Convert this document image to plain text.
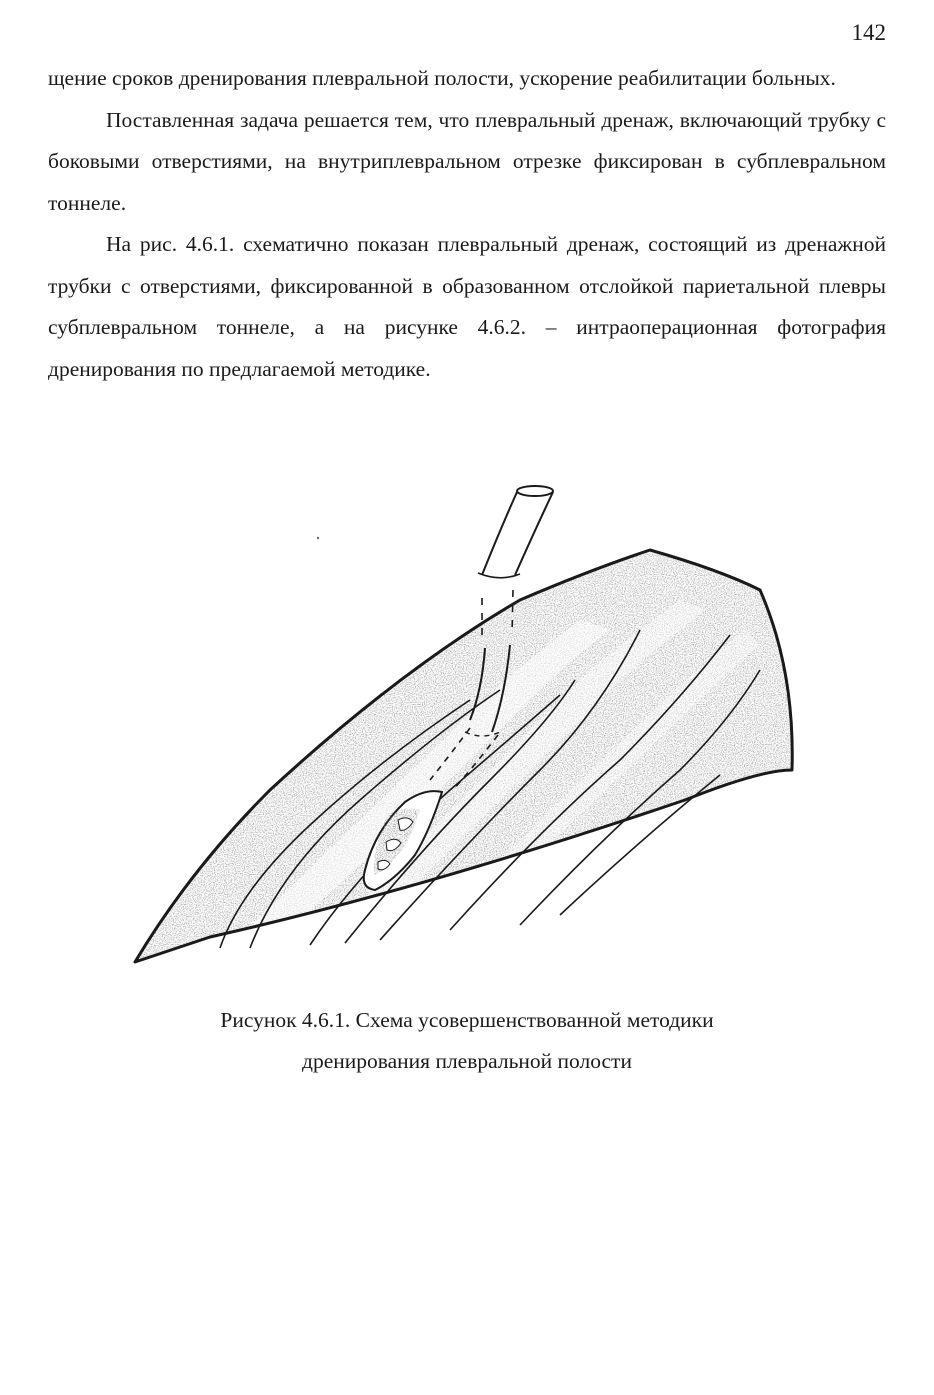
142

щение сроков дренирования плевральной полости, ускорение реабилитации больных.

Поставленная задача решается тем, что плевральный дренаж, включающий трубку с боковыми отверстиями, на внутриплевральном отрезке фиксирован в субплевральном тоннеле.

На рис. 4.6.1. схематично показан плевральный дренаж, состоящий из дренажной трубки с отверстиями, фиксированной в образованном отслойкой париетальной плевры субплевральном тоннеле, а на рисунке 4.6.2. – интраоперационная фотография дренирования по предлагаемой методике.

Рисунок 4.6.1. Схема усовершенствованной методики
дренирования плевральной полости
